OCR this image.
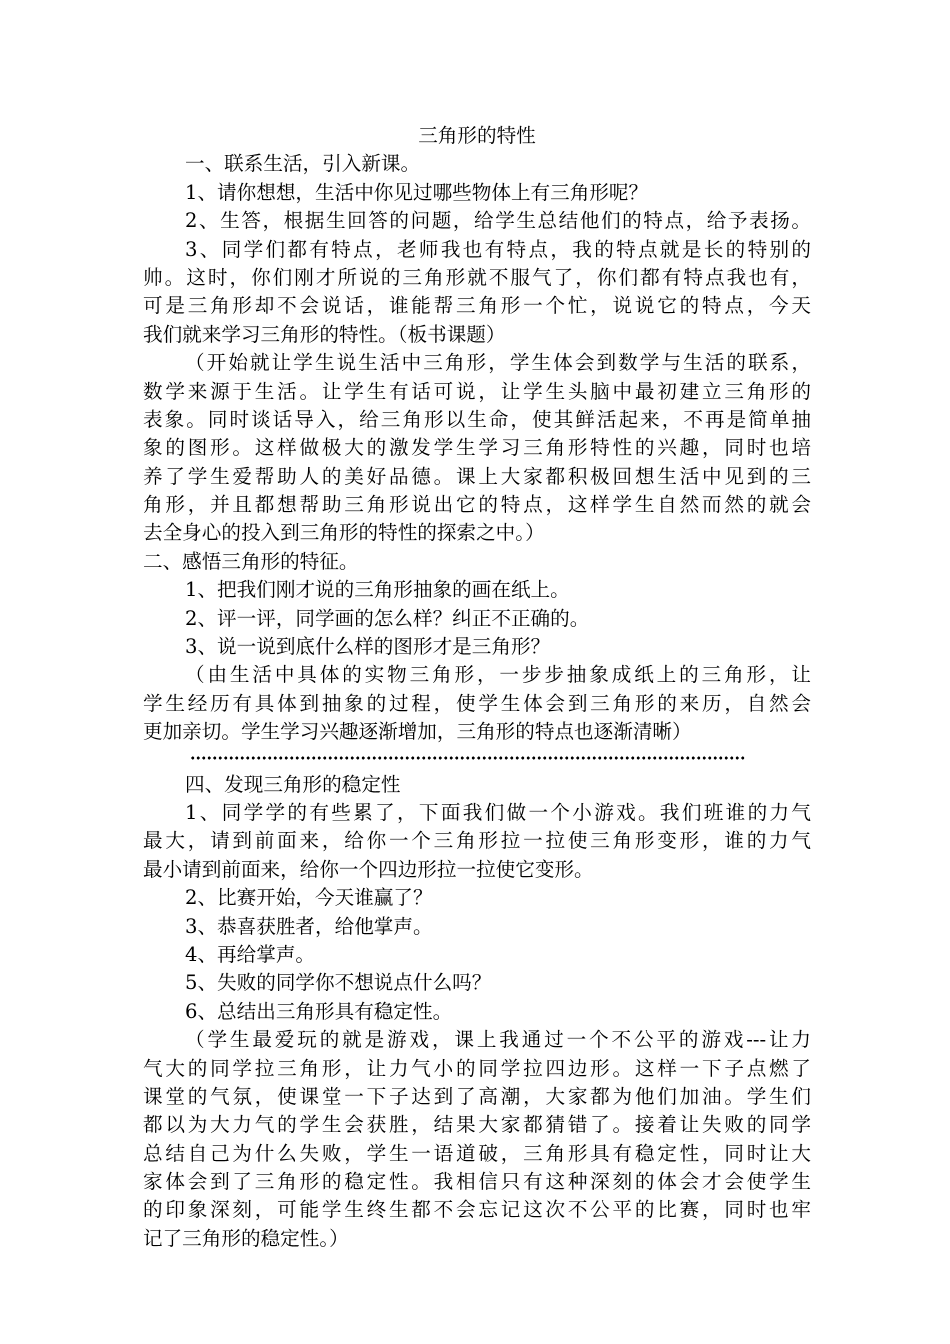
三角形的特性
一、联系生活，引入新课。
1、请你想想，生活中你见过哪些物体上有三角形呢？
2、生答，根据生回答的问题，给学生总结他们的特点，给予表扬。
3、同学们都有特点，老师我也有特点，我的特点就是长的特别的
帅。这时，你们刚才所说的三角形就不服气了，你们都有特点我也有，
可是三角形却不会说话，谁能帮三角形一个忙，说说它的特点，今天
我们就来学习三角形的特性。（板书课题）
（开始就让学生说生活中三角形，学生体会到数学与生活的联系，
数学来源于生活。让学生有话可说，让学生头脑中最初建立三角形的
表象。同时谈话导入，给三角形以生命，使其鲜活起来，不再是简单抽
象的图形。这样做极大的激发学生学习三角形特性的兴趣，同时也培
养了学生爱帮助人的美好品德。课上大家都积极回想生活中见到的三
角形，并且都想帮助三角形说出它的特点，这样学生自然而然的就会
去全身心的投入到三角形的特性的探索之中。）
二、感悟三角形的特征。
1、把我们刚才说的三角形抽象的画在纸上。
2、评一评，同学画的怎么样？纠正不正确的。
3、说一说到底什么样的图形才是三角形？
（由生活中具体的实物三角形，一步步抽象成纸上的三角形，让
学生经历有具体到抽象的过程，使学生体会到三角形的来历，自然会
更加亲切。学生学习兴趣逐渐增加，三角形的特点也逐渐清晰）
四、发现三角形的稳定性
1、同学学的有些累了，下面我们做一个小游戏。我们班谁的力气
最大，请到前面来，给你一个三角形拉一拉使三角形变形，谁的力气
最小请到前面来，给你一个四边形拉一拉使它变形。
2、比赛开始，今天谁赢了？
3、恭喜获胜者，给他掌声。
4、再给掌声。
5、失败的同学你不想说点什么吗？
6、总结出三角形具有稳定性。
（学生最爱玩的就是游戏，课上我通过一个不公平的游戏---让力
气大的同学拉三角形，让力气小的同学拉四边形。这样一下子点燃了
课堂的气氛，使课堂一下子达到了高潮，大家都为他们加油。学生们
都以为大力气的学生会获胜，结果大家都猜错了。接着让失败的同学
总结自己为什么失败，学生一语道破，三角形具有稳定性，同时让大
家体会到了三角形的稳定性。我相信只有这种深刻的体会才会使学生
的印象深刻，可能学生终生都不会忘记这次不公平的比赛，同时也牢
记了三角形的稳定性。）
